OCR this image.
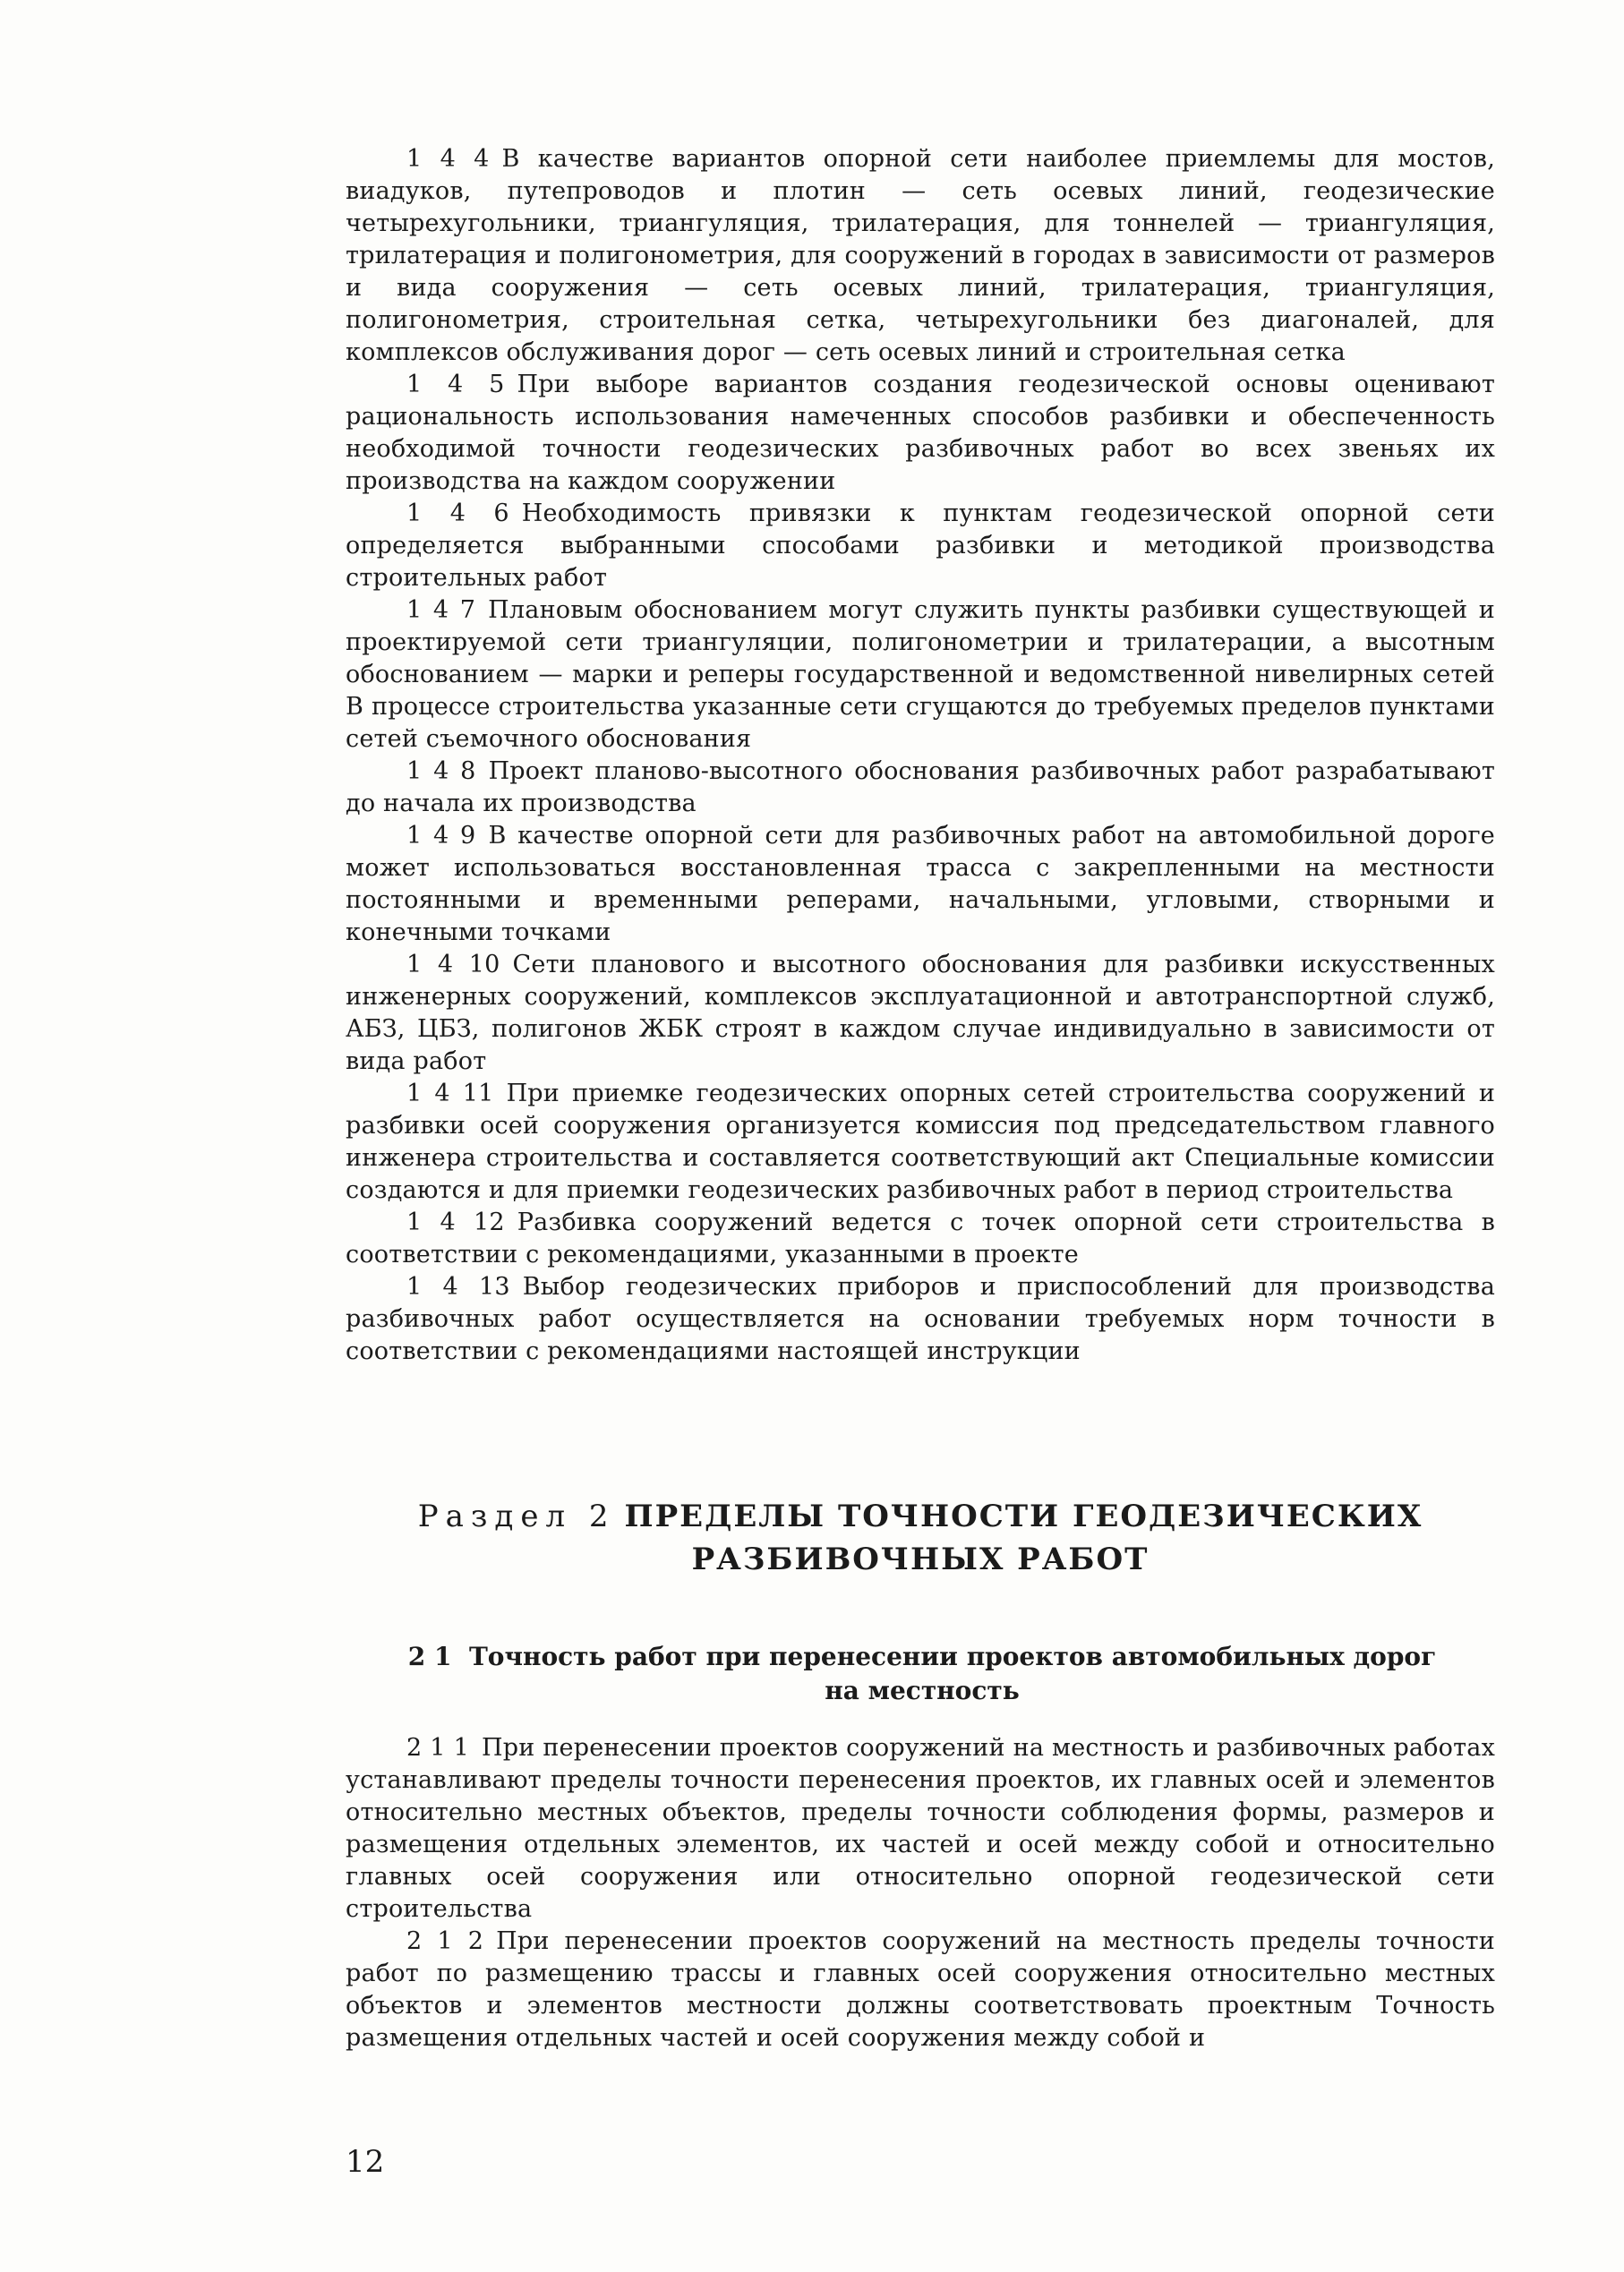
1 4 4 В качестве вариантов опорной сети наиболее приемлемы для мостов, виадуков, путепроводов и плотин — сеть осевых линий, геодезические четырехугольники, триангуляция, трилатерация, для тоннелей — триангуляция, трилатерация и полигонометрия, для сооружений в городах в зависимости от размеров и вида сооружения — сеть осевых линий, трилатерация, триангуляция, полигонометрия, строительная сетка, четырехугольники без диагоналей, для комплексов обслуживания дорог — сеть осевых линий и строительная сетка

1 4 5 При выборе вариантов создания геодезической основы оценивают рациональность использования намеченных способов разбивки и обеспеченность необходимой точности геодезических разбивочных работ во всех звеньях их производства на каждом сооружении

1 4 6 Необходимость привязки к пунктам геодезической опорной сети определяется выбранными способами разбивки и методикой производства строительных работ

1 4 7 Плановым обоснованием могут служить пункты разбивки существующей и проектируемой сети триангуляции, полигонометрии и трилатерации, а высотным обоснованием — марки и реперы государственной и ведомственной нивелирных сетей В процессе строительства указанные сети сгущаются до требуемых пределов пунктами сетей съемочного обоснования

1 4 8 Проект планово-высотного обоснования разбивочных работ разрабатывают до начала их производства

1 4 9 В качестве опорной сети для разбивочных работ на автомобильной дороге может использоваться восстановленная трасса с закрепленными на местности постоянными и временными реперами, начальными, угловыми, створными и конечными точками

1 4 10 Сети планового и высотного обоснования для разбивки искусственных инженерных сооружений, комплексов эксплуатационной и автотранспортной служб, АБЗ, ЦБЗ, полигонов ЖБК строят в каждом случае индивидуально в зависимости от вида работ

1 4 11 При приемке геодезических опорных сетей строительства сооружений и разбивки осей сооружения организуется комиссия под председательством главного инженера строительства и составляется соответствующий акт Специальные комиссии создаются и для приемки геодезических разбивочных работ в период строительства

1 4 12 Разбивка сооружений ведется с точек опорной сети строительства в соответствии с рекомендациями, указанными в проекте

1 4 13 Выбор геодезических приборов и приспособлений для производства разбивочных работ осуществляется на основании требуемых норм точности в соответствии с рекомендациями настоящей инструкции

Раздел 2 ПРЕДЕЛЫ ТОЧНОСТИ ГЕОДЕЗИЧЕСКИХ
РАЗБИВОЧНЫХ РАБОТ
2 1 Точность работ при перенесении проектов автомобильных дорог
на местность

2 1 1 При перенесении проектов сооружений на местность и разбивочных работах устанавливают пределы точности перенесения проектов, их главных осей и элементов относительно местных объектов, пределы точности соблюдения формы, размеров и размещения отдельных элементов, их частей и осей между собой и относительно главных осей сооружения или относительно опорной геодезической сети строительства

2 1 2 При перенесении проектов сооружений на местность пределы точности работ по размещению трассы и главных осей сооружения относительно местных объектов и элементов местности должны соответствовать проектным Точность размещения отдельных частей и осей сооружения между собой и

12
